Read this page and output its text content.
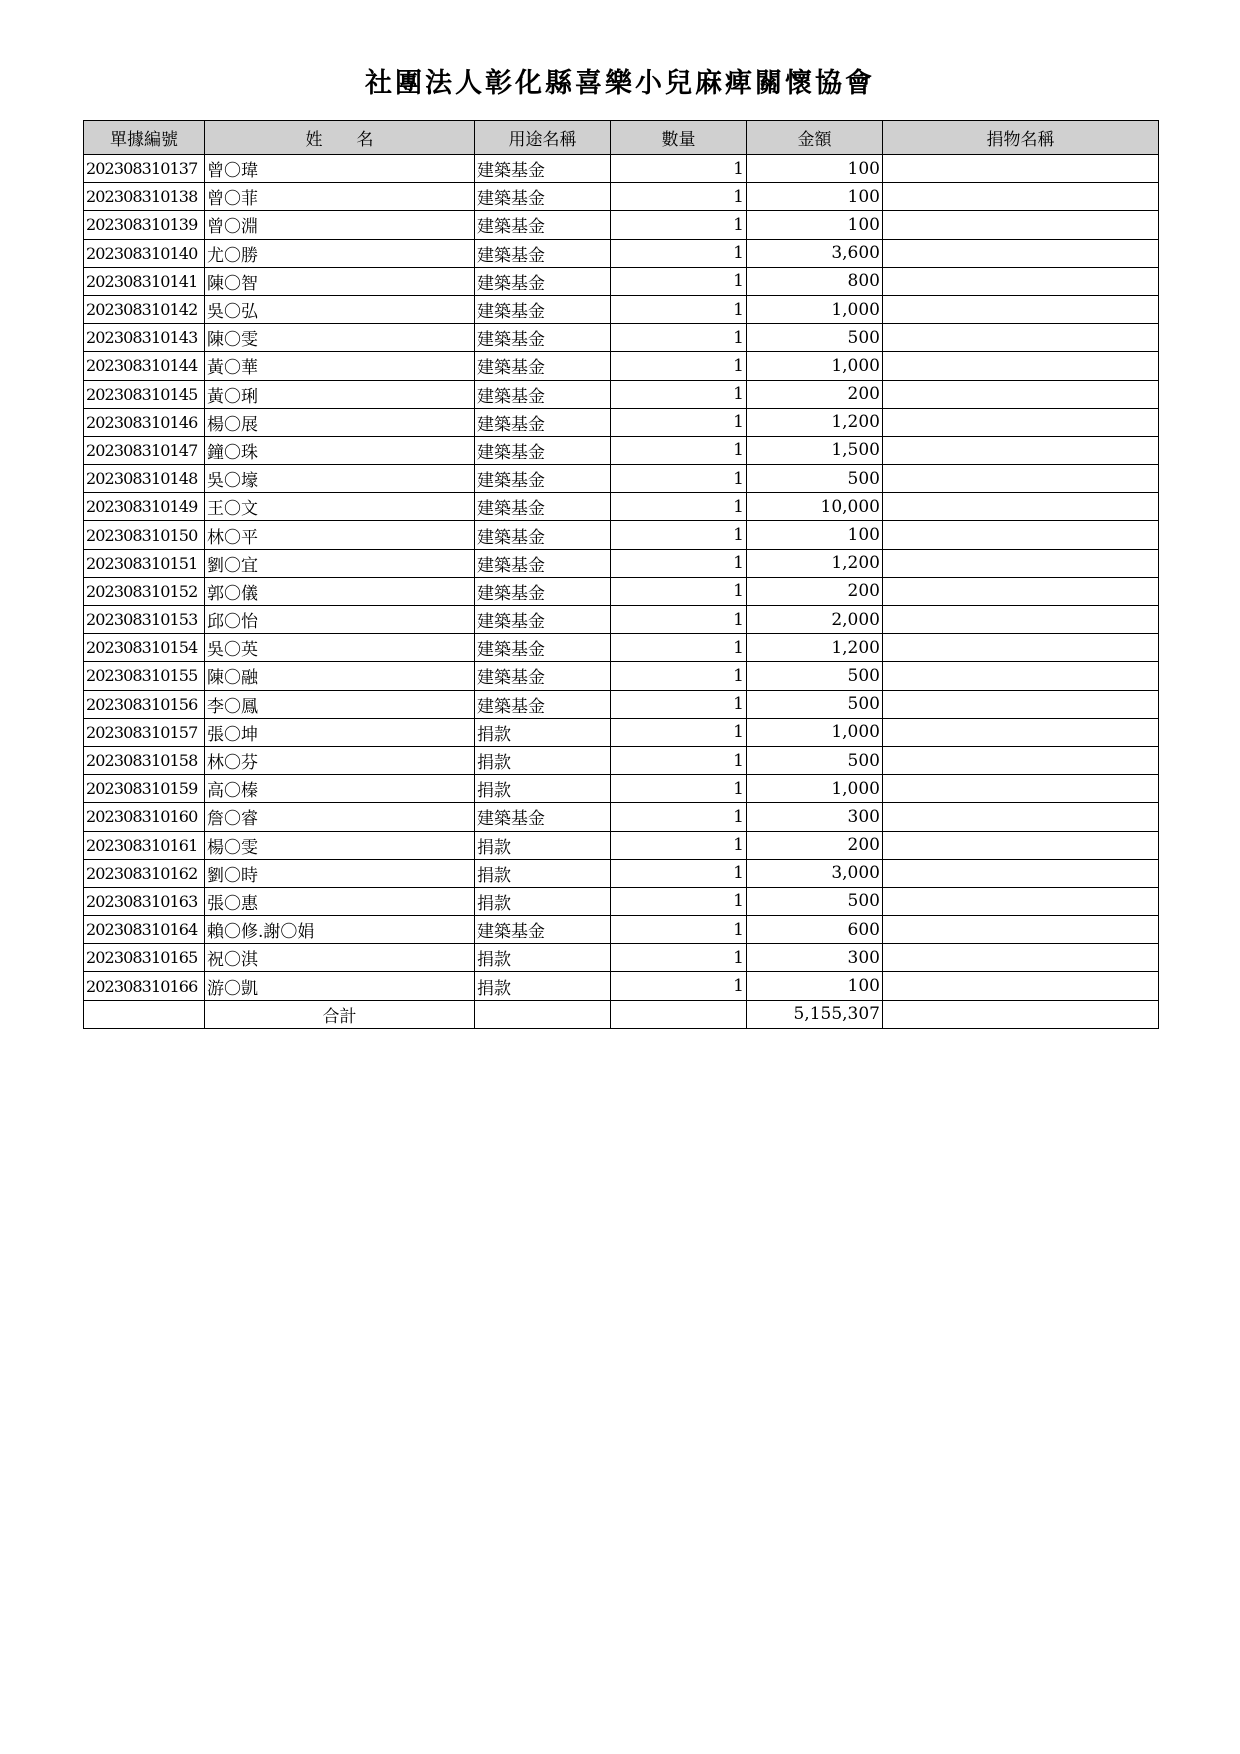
社團法人彰化縣喜樂小兒麻痺關懷協會
單據編號	姓　　名	用途名稱	數量	金額	捐物名稱
202308310137	曾〇瑋	建築基金	1	100	
202308310138	曾〇菲	建築基金	1	100	
202308310139	曾〇淵	建築基金	1	100	
202308310140	尤〇勝	建築基金	1	3,600	
202308310141	陳〇智	建築基金	1	800	
202308310142	吳〇弘	建築基金	1	1,000	
202308310143	陳〇雯	建築基金	1	500	
202308310144	黃〇華	建築基金	1	1,000	
202308310145	黃〇琍	建築基金	1	200	
202308310146	楊〇展	建築基金	1	1,200	
202308310147	鐘〇珠	建築基金	1	1,500	
202308310148	吳〇壕	建築基金	1	500	
202308310149	王〇文	建築基金	1	10,000	
202308310150	林〇平	建築基金	1	100	
202308310151	劉〇宜	建築基金	1	1,200	
202308310152	郭〇儀	建築基金	1	200	
202308310153	邱〇怡	建築基金	1	2,000	
202308310154	吳〇英	建築基金	1	1,200	
202308310155	陳〇融	建築基金	1	500	
202308310156	李〇鳳	建築基金	1	500	
202308310157	張〇坤	捐款	1	1,000	
202308310158	林〇芬	捐款	1	500	
202308310159	高〇榛	捐款	1	1,000	
202308310160	詹〇睿	建築基金	1	300	
202308310161	楊〇雯	捐款	1	200	
202308310162	劉〇時	捐款	1	3,000	
202308310163	張〇惠	捐款	1	500	
202308310164	賴〇修.謝〇娟	建築基金	1	600	
202308310165	祝〇淇	捐款	1	300	
202308310166	游〇凱	捐款	1	100	
	合計			5,155,307	
